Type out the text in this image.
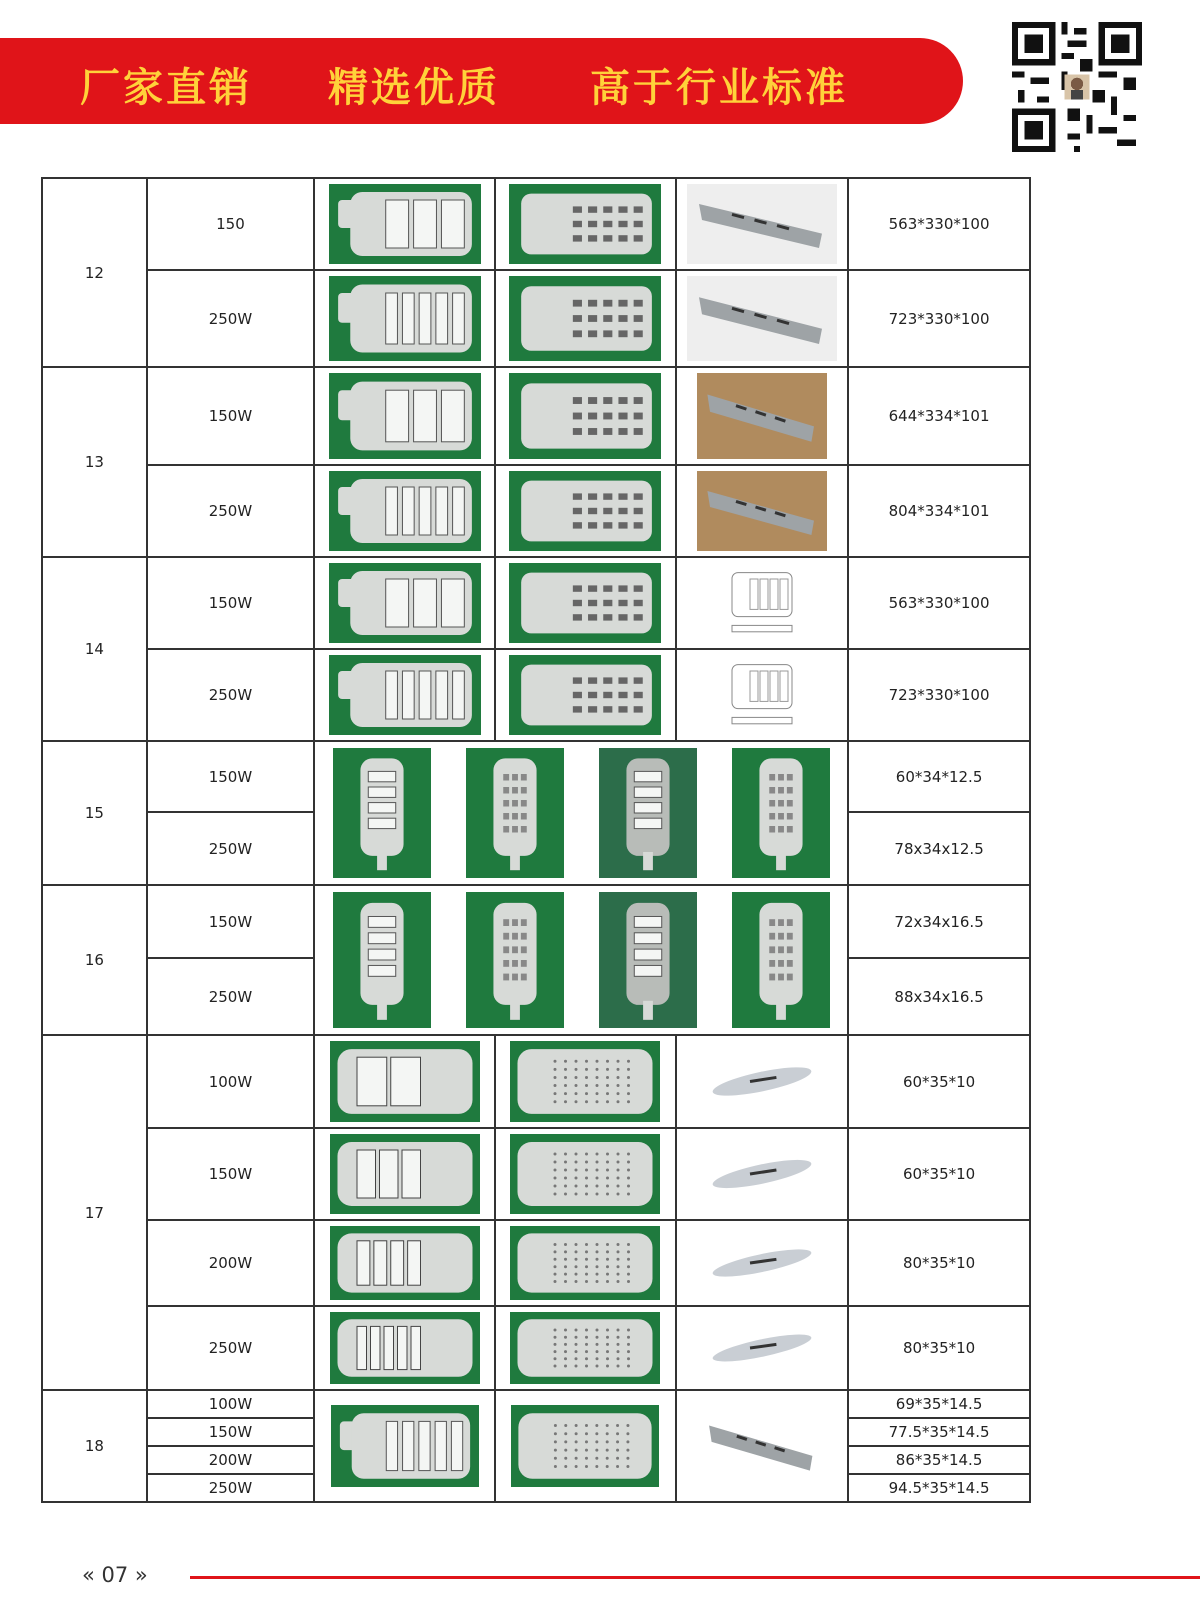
厂家直销 精选优质 高于行业标准
12	150				563*330*100
	250W				723*330*100
13	150W				644*334*101
	250W				804*334*101
14	150W				563*330*100
	250W				723*330*100
15	150W				60*34*12.5
	250W				78x34x12.5
16	150W				72x34x16.5
	250W				88x34x16.5
17	100W				60*35*10
	150W				60*35*10
	200W				80*35*10
	250W				80*35*10
18	100W				69*35*14.5
	150W				77.5*35*14.5
	200W				86*35*14.5
	250W				94.5*35*14.5
« 07 »
